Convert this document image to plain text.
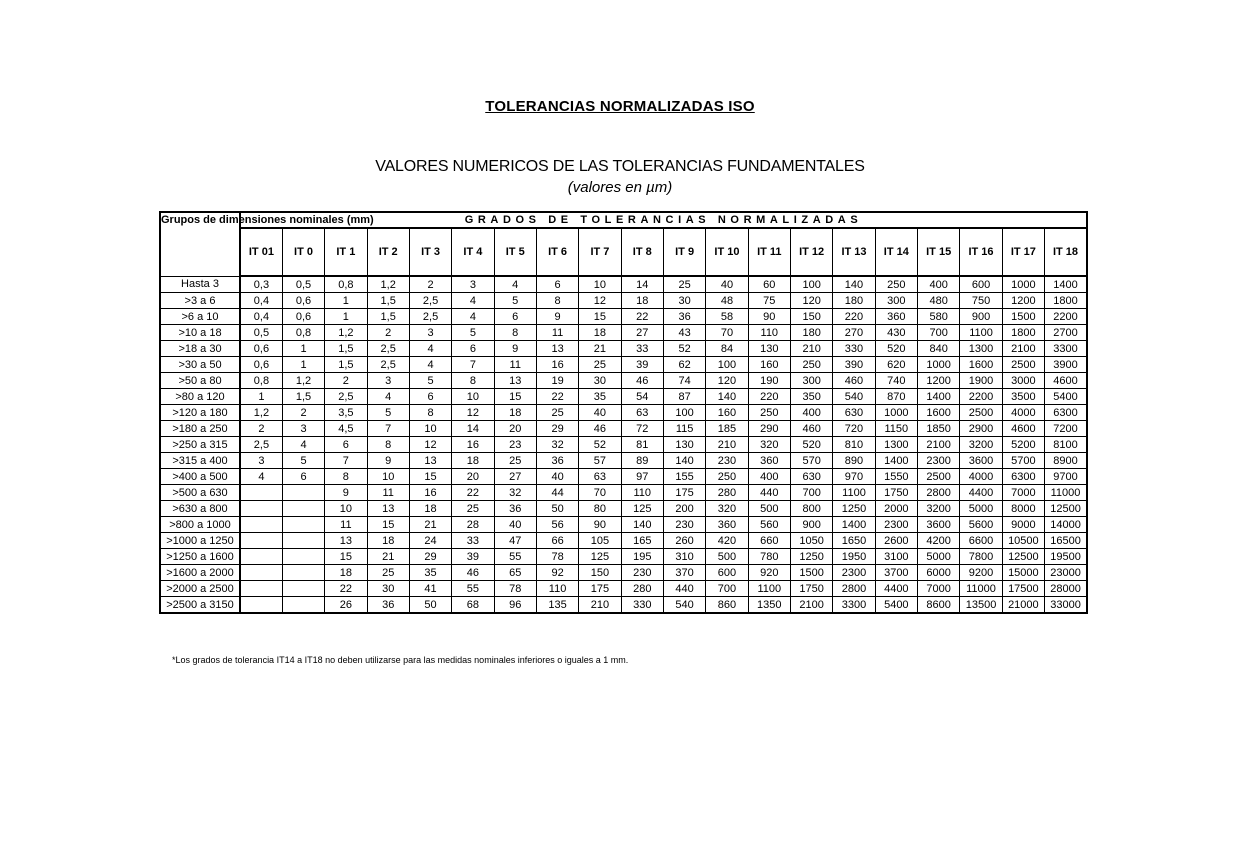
TOLERANCIAS NORMALIZADAS ISO
VALORES NUMERICOS DE LAS TOLERANCIAS FUNDAMENTALES
(valores en µm)
Grupos de dimensiones nominales (mm)	GRADOS DE TOLERANCIAS NORMALIZADAS																			
	IT 01	IT 0	IT 1	IT 2	IT 3	IT 4	IT 5	IT 6	IT 7	IT 8	IT 9	IT 10	IT 11	IT 12	IT 13	IT 14	IT 15	IT 16	IT 17	IT 18
Hasta 3	0,3	0,5	0,8	1,2	2	3	4	6	10	14	25	40	60	100	140	250	400	600	1000	1400
>3 a 6	0,4	0,6	1	1,5	2,5	4	5	8	12	18	30	48	75	120	180	300	480	750	1200	1800
>6 a 10	0,4	0,6	1	1,5	2,5	4	6	9	15	22	36	58	90	150	220	360	580	900	1500	2200
>10 a 18	0,5	0,8	1,2	2	3	5	8	11	18	27	43	70	110	180	270	430	700	1100	1800	2700
>18 a 30	0,6	1	1,5	2,5	4	6	9	13	21	33	52	84	130	210	330	520	840	1300	2100	3300
>30 a 50	0,6	1	1,5	2,5	4	7	11	16	25	39	62	100	160	250	390	620	1000	1600	2500	3900
>50 a 80	0,8	1,2	2	3	5	8	13	19	30	46	74	120	190	300	460	740	1200	1900	3000	4600
>80 a 120	1	1,5	2,5	4	6	10	15	22	35	54	87	140	220	350	540	870	1400	2200	3500	5400
>120 a 180	1,2	2	3,5	5	8	12	18	25	40	63	100	160	250	400	630	1000	1600	2500	4000	6300
>180 a 250	2	3	4,5	7	10	14	20	29	46	72	115	185	290	460	720	1150	1850	2900	4600	7200
>250 a 315	2,5	4	6	8	12	16	23	32	52	81	130	210	320	520	810	1300	2100	3200	5200	8100
>315 a 400	3	5	7	9	13	18	25	36	57	89	140	230	360	570	890	1400	2300	3600	5700	8900
>400 a 500	4	6	8	10	15	20	27	40	63	97	155	250	400	630	970	1550	2500	4000	6300	9700
>500 a 630			9	11	16	22	32	44	70	110	175	280	440	700	1100	1750	2800	4400	7000	11000
>630 a 800			10	13	18	25	36	50	80	125	200	320	500	800	1250	2000	3200	5000	8000	12500
>800 a 1000			11	15	21	28	40	56	90	140	230	360	560	900	1400	2300	3600	5600	9000	14000
>1000 a 1250			13	18	24	33	47	66	105	165	260	420	660	1050	1650	2600	4200	6600	10500	16500
>1250 a 1600			15	21	29	39	55	78	125	195	310	500	780	1250	1950	3100	5000	7800	12500	19500
>1600 a 2000			18	25	35	46	65	92	150	230	370	600	920	1500	2300	3700	6000	9200	15000	23000
>2000 a 2500			22	30	41	55	78	110	175	280	440	700	1100	1750	2800	4400	7000	11000	17500	28000
>2500 a 3150			26	36	50	68	96	135	210	330	540	860	1350	2100	3300	5400	8600	13500	21000	33000
*Los grados de tolerancia IT14 a IT18 no deben utilizarse para las medidas nominales inferiores o iguales a 1 mm.
